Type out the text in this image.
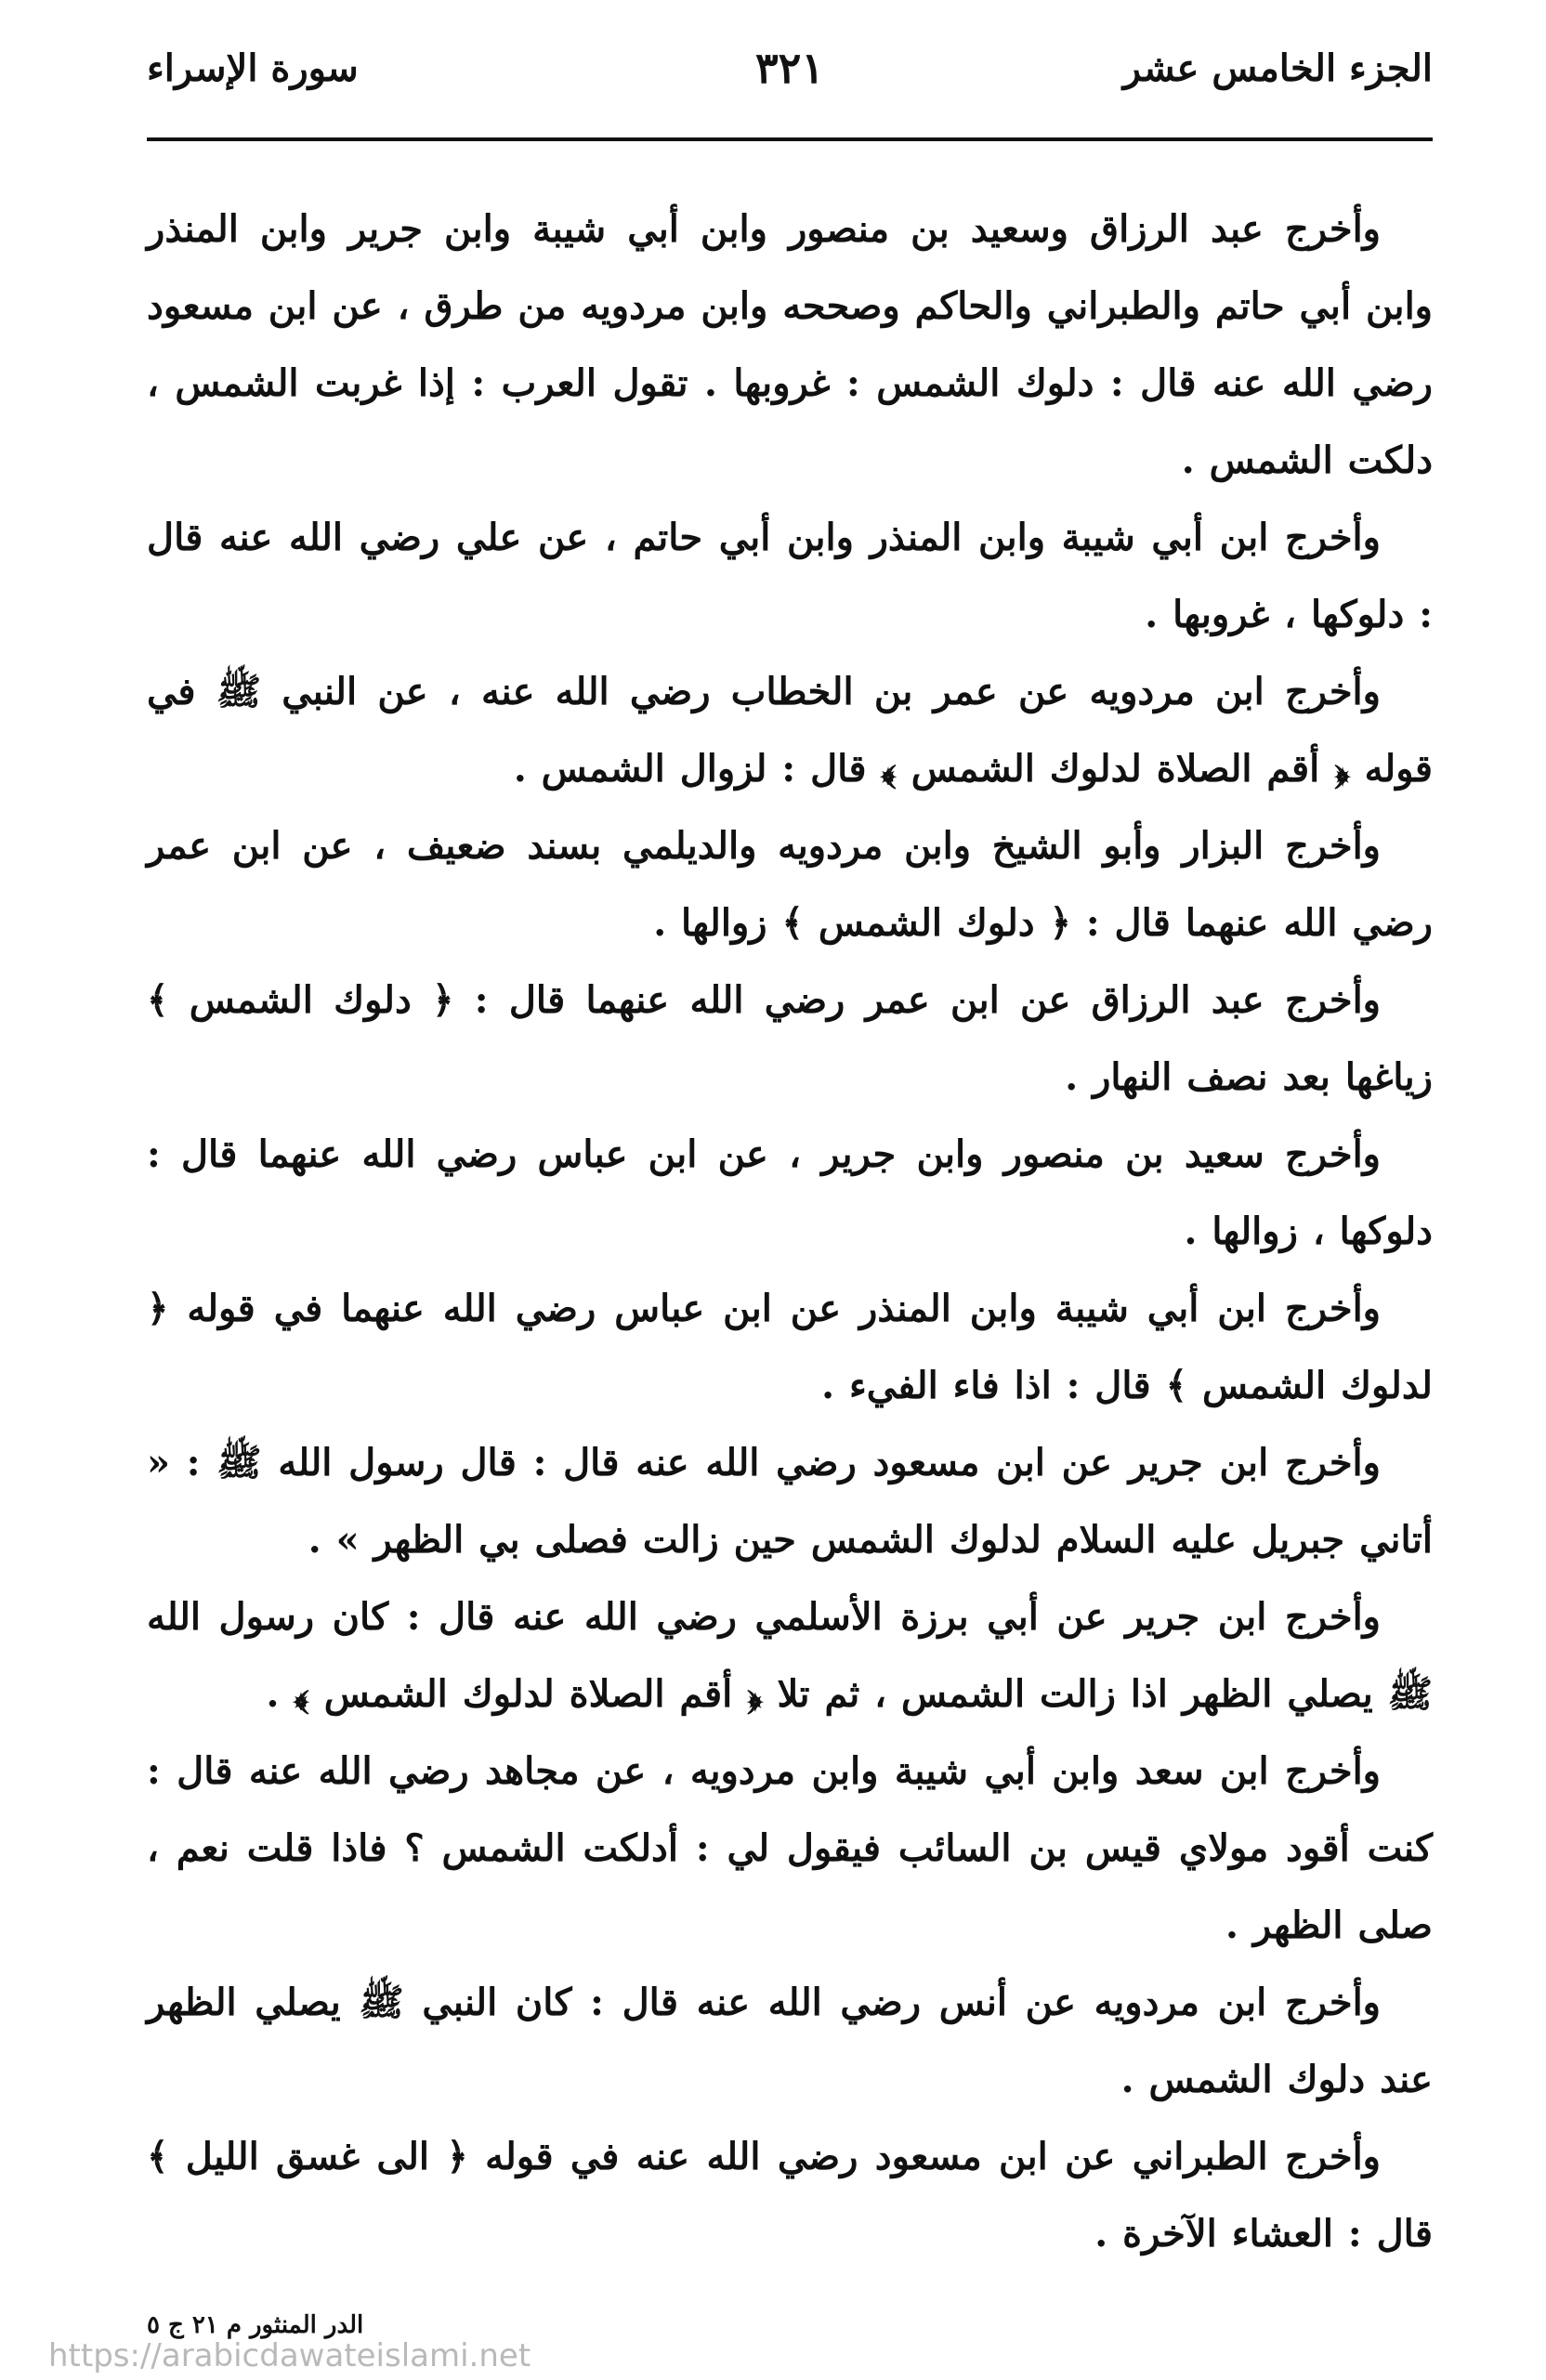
الجزء الخامس عشر
٣٢١
سورة الإسراء

وأخرج عبد الرزاق وسعيد بن منصور وابن أبي شيبة وابن جرير وابن المنذر وابن أبي حاتم والطبراني والحاكم وصححه وابن مردويه من طرق ، عن ابن مسعود رضي الله عنه قال : دلوك الشمس : غروبها . تقول العرب : إذا غربت الشمس ، دلكت الشمس .

وأخرج ابن أبي شيبة وابن المنذر وابن أبي حاتم ، عن علي رضي الله عنه قال : دلوكها ، غروبها .

وأخرج ابن مردويه عن عمر بن الخطاب رضي الله عنه ، عن النبي ﷺ في قوله ﴿ أقم الصلاة لدلوك الشمس ﴾ قال : لزوال الشمس .

وأخرج البزار وأبو الشيخ وابن مردويه والديلمي بسند ضعيف ، عن ابن عمر رضي الله عنهما قال : ﴿ دلوك الشمس ﴾ زوالها .

وأخرج عبد الرزاق عن ابن عمر رضي الله عنهما قال : ﴿ دلوك الشمس ﴾ زياغها بعد نصف النهار .

وأخرج سعيد بن منصور وابن جرير ، عن ابن عباس رضي الله عنهما قال : دلوكها ، زوالها .

وأخرج ابن أبي شيبة وابن المنذر عن ابن عباس رضي الله عنهما في قوله ﴿ لدلوك الشمس ﴾ قال : اذا فاء الفيء .

وأخرج ابن جرير عن ابن مسعود رضي الله عنه قال : قال رسول الله ﷺ : « أتاني جبريل عليه السلام لدلوك الشمس حين زالت فصلى بي الظهر » .

وأخرج ابن جرير عن أبي برزة الأسلمي رضي الله عنه قال : كان رسول الله ﷺ يصلي الظهر اذا زالت الشمس ، ثم تلا ﴿ أقم الصلاة لدلوك الشمس ﴾ .

وأخرج ابن سعد وابن أبي شيبة وابن مردويه ، عن مجاهد رضي الله عنه قال : كنت أقود مولاي قيس بن السائب فيقول لي : أدلكت الشمس ؟ فاذا قلت نعم ، صلى الظهر .

وأخرج ابن مردويه عن أنس رضي الله عنه قال : كان النبي ﷺ يصلي الظهر عند دلوك الشمس .

وأخرج الطبراني عن ابن مسعود رضي الله عنه في قوله ﴿ الى غسق الليل ﴾ قال : العشاء الآخرة .

الدر المنثور م ٢١ ج ٥
https://arabicdawateislami.net
